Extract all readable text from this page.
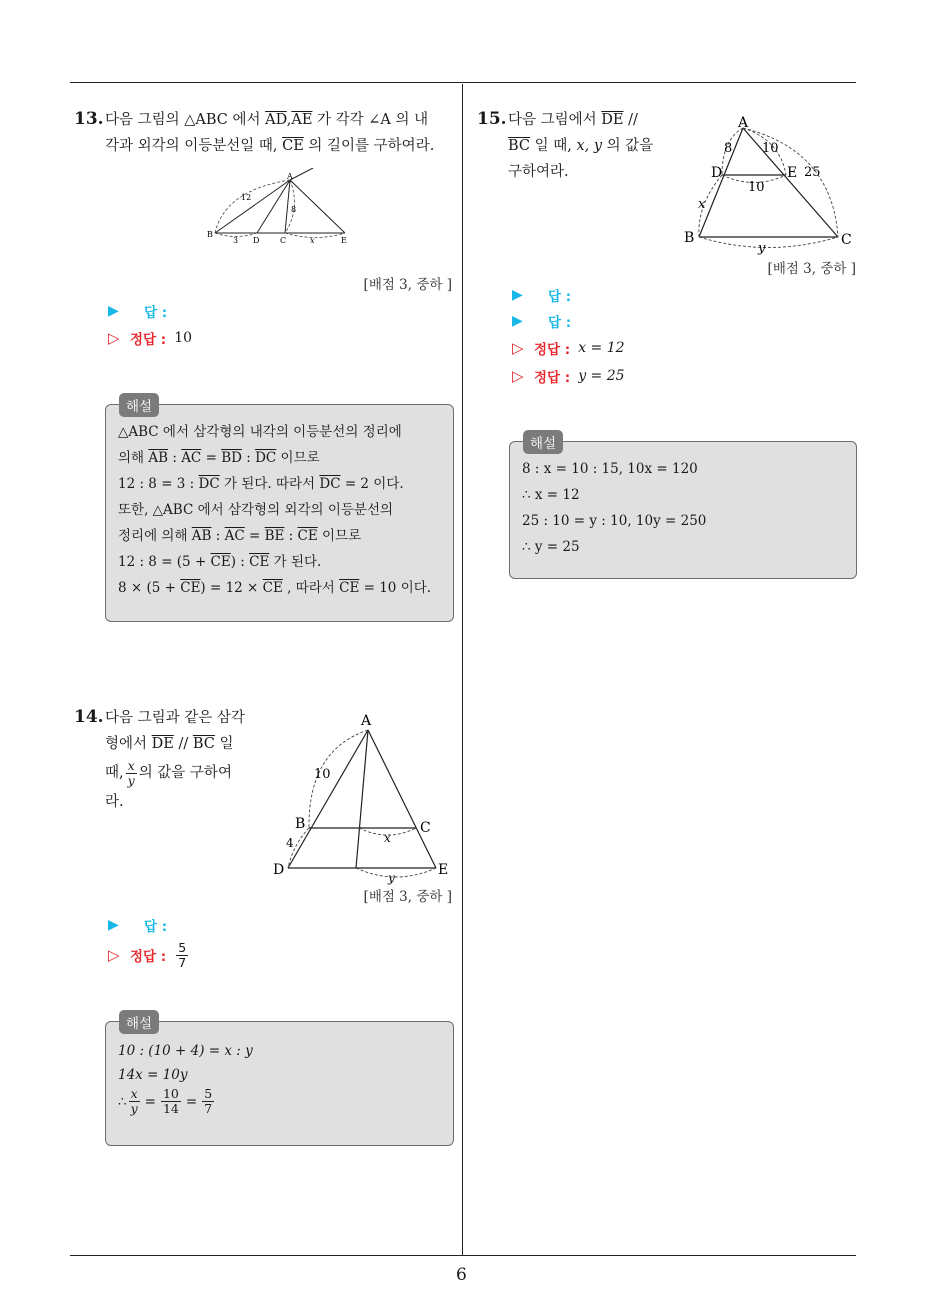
13. 다음 그림의 △ABC 에서 $\overline{AD},\overline{AE}$ 가 각각 ∠A 의 내
각과 외각의 이등분선일 때, $\overline{CE}$ 의 길이를 구하여라.
A
B
D	C	E
12
8
3	x
[배점 3, 중하 ]
▶	답 :
▷ 정답 : 10
△ABC 에서 삼각형의 내각의 이등분선의 정리에
의해 $\overline{AB}$ : $\overline{AC} = \overline{BD}$ : $\overline{DC}$ 이므로
12 : 8 = 3 : $\overline{DC}$ 가 된다. 따라서 $\overline{DC} = 2$ 이다.
또한, △ABC 에서 삼각형의 외각의 이등분선의
정리에 의해 $\overline{AB}$ : $\overline{AC} = \overline{BE}$ : $\overline{CE}$ 이므로
12 : $8 = (5 + \overline{CE})$ : $\overline{CE}$ 가 된다.
$8 \times (5 + \overline{CE}) = 12 \times \overline{CE}$ , 따라서 $\overline{CE} = 10$ 이다.
해설
14. 다음 그림과 같은 삼각
형에서 $\overline{DE} // \overline{BC}$ 일
때, $\frac{x}{y}$ 의 값을 구하여
라.
A
B	C
D	E
10
4	x
y
[배점 3, 중하 ]
▶	답 :
▷ 정답 : $\frac{5}{7}$
10 : (10 + 4) = x : y
14x = 10y
∴ $\frac{x}{y} = \frac{10}{14} = \frac{5}{7}$
해설
15. 다음 그림에서 $\overline{DE}$ //
$\overline{BC}$ 일 때, x, y 의 값을
구하여라.
A
D	E
B	C
8 10
25
10
x
y
[배점 3, 중하 ]
▶	답 :
▶	답 :
▷ 정답 : x = 12
▷ 정답 : y = 25
8 : x = 10 : 15, 10x = 120
∴ x = 12
25 : 10 = y : 10, 10y = 250
∴ y = 25
해설
6
